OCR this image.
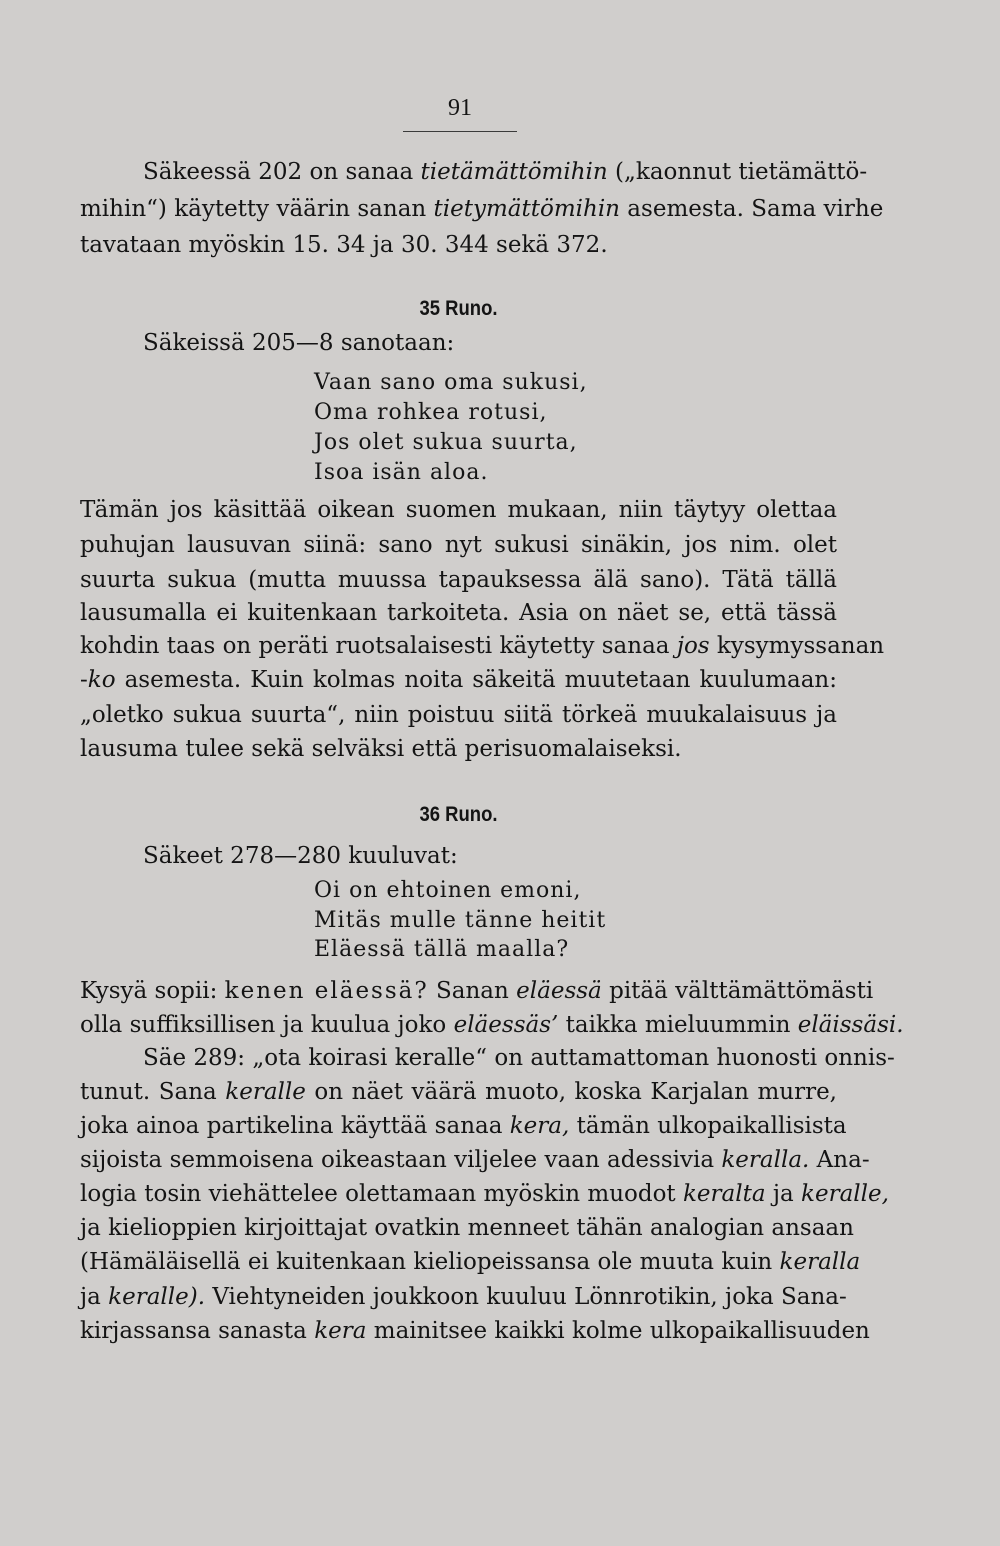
91
Säkeessä 202 on sanaa tietämättömihin („kaonnut tietämättö-
mihin“) käytetty väärin sanan tietymättömihin asemesta. Sama virhe
tavataan myöskin 15. 34 ja 30. 344 sekä 372.
35 Runo.
Säkeissä 205—8 sanotaan:
Vaan sano oma sukusi,
Oma rohkea rotusi,
Jos olet sukua suurta,
Isoa isän aloa.
Tämän jos käsittää oikean suomen mukaan, niin täytyy olettaa
puhujan lausuvan siinä: sano nyt sukusi sinäkin, jos nim. olet
suurta sukua (mutta muussa tapauksessa älä sano). Tätä tällä
lausumalla ei kuitenkaan tarkoiteta. Asia on näet se, että tässä
kohdin taas on peräti ruotsalaisesti käytetty sanaa jos kysymyssanan
-ko asemesta. Kuin kolmas noita säkeitä muutetaan kuulumaan:
„oletko sukua suurta“, niin poistuu siitä törkeä muukalaisuus ja
lausuma tulee sekä selväksi että perisuomalaiseksi.
36 Runo.
Säkeet 278—280 kuuluvat:
Oi on ehtoinen emoni,
Mitäs mulle tänne heitit
Eläessä tällä maalla?
Kysyä sopii: kenen eläessä? Sanan eläessä pitää välttämättömästi
olla suffiksillisen ja kuulua joko eläessäs’ taikka mieluummin eläissäsi.
Säe 289: „ota koirasi keralle“ on auttamattoman huonosti onnis-
tunut. Sana keralle on näet väärä muoto, koska Karjalan murre,
joka ainoa partikelina käyttää sanaa kera, tämän ulkopaikallisista
sijoista semmoisena oikeastaan viljelee vaan adessivia keralla. Ana-
logia tosin viehättelee olettamaan myöskin muodot keralta ja keralle,
ja kielioppien kirjoittajat ovatkin menneet tähän analogian ansaan
(Hämäläisellä ei kuitenkaan kieliopeissansa ole muuta kuin keralla
ja keralle). Viehtyneiden joukkoon kuuluu Lönnrotikin, joka Sana-
kirjassansa sanasta kera mainitsee kaikki kolme ulkopaikallisuuden
